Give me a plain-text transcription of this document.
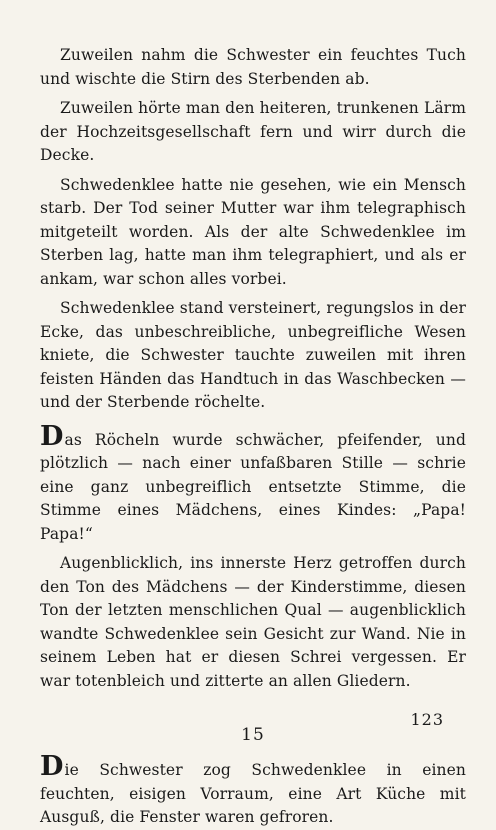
Zuweilen nahm die Schwester ein feuchtes Tuch und wischte die Stirn des Sterbenden ab.

Zuweilen hörte man den heiteren, trunkenen Lärm der Hochzeitsgesellschaft fern und wirr durch die Decke.

Schwedenklee hatte nie gesehen, wie ein Mensch starb. Der Tod seiner Mutter war ihm telegraphisch mitgeteilt worden. Als der alte Schwedenklee im Sterben lag, hatte man ihm telegraphiert, und als er ankam, war schon alles vorbei.

Schwedenklee stand versteinert, regungslos in der Ecke, das unbeschreibliche, unbegreifliche Wesen kniete, die Schwester tauchte zuweilen mit ihren feisten Händen das Handtuch in das Waschbecken — und der Sterbende röchelte.

Das Röcheln wurde schwächer, pfeifender, und plötzlich — nach einer unfaßbaren Stille — schrie eine ganz unbegreiflich entsetzte Stimme, die Stimme eines Mädchens, eines Kindes: „Papa! Papa!“

Augenblicklich, ins innerste Herz getroffen durch den Ton des Mädchens — der Kinderstimme, diesen Ton der letzten menschlichen Qual — augenblicklich wandte Schwedenklee sein Gesicht zur Wand. Nie in seinem Leben hat er diesen Schrei vergessen. Er war totenbleich und zitterte an allen Gliedern.

15

Die Schwester zog Schwedenklee in einen feuchten, eisigen Vorraum, eine Art Küche mit Ausguß, die Fenster waren gefroren.

123
